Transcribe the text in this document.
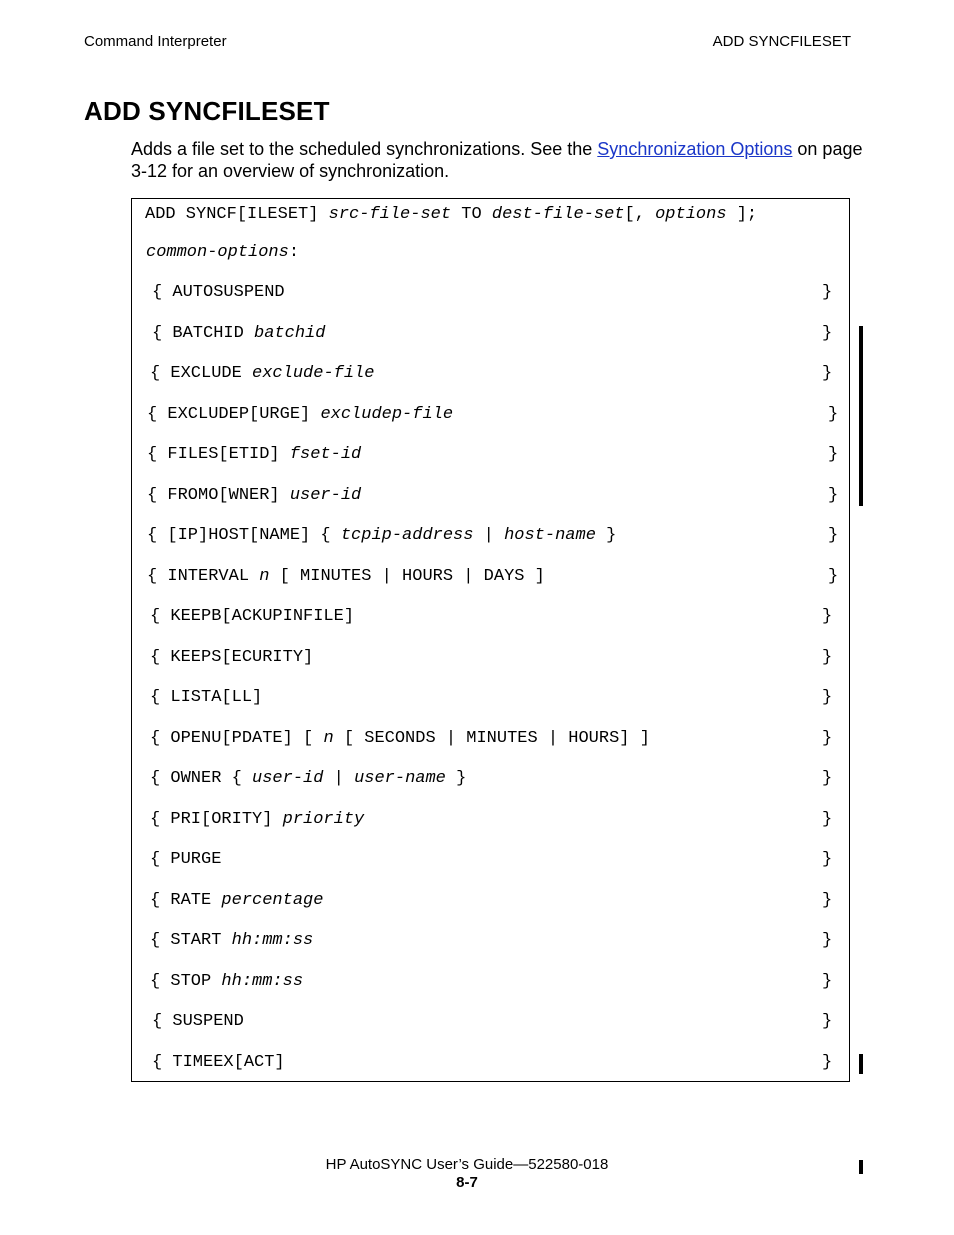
Command Interpreter	ADD SYNCFILESET
ADD SYNCFILESET

Adds a file set to the scheduled synchronizations. See the Synchronization Options on page 3-12 for an overview of synchronization.

ADD SYNCF[ILESET] src-file-set TO dest-file-set[, options ];
common-options:
{ AUTOSUSPEND	}
{ BATCHID batchid	}
{ EXCLUDE exclude-file	}
{ EXCLUDEP[URGE] excludep-file	}
{ FILES[ETID] fset-id	}
{ FROMO[WNER] user-id	}
{ [IP]HOST[NAME] { tcpip-address | host-name }	}
{ INTERVAL n [ MINUTES | HOURS | DAYS ]	}
{ KEEPB[ACKUPINFILE]	}
{ KEEPS[ECURITY]	}
{ LISTA[LL]	}
{ OPENU[PDATE] [ n [ SECONDS | MINUTES | HOURS] ]	}
{ OWNER { user-id | user-name }	}
{ PRI[ORITY] priority	}
{ PURGE	}
{ RATE percentage	}
{ START hh:mm:ss	}
{ STOP hh:mm:ss	}
{ SUSPEND	}
{ TIMEEX[ACT]	}
HP AutoSYNC User’s Guide—522580-018
8-7
